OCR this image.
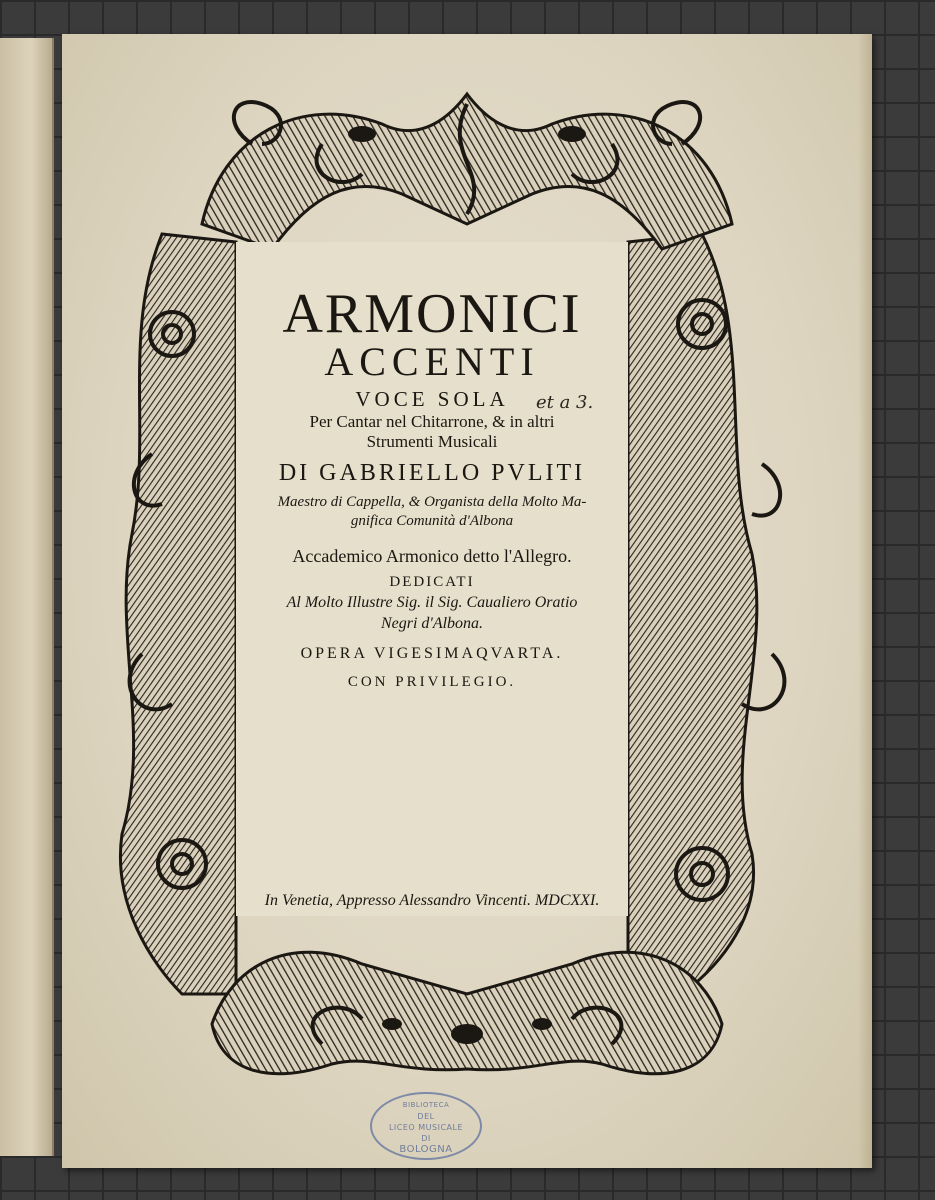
ARMONICI
ACCENTI
VOCE SOLA	et a 3.
Per Cantar nel Chitarrone, & in altri
Strumenti Musicali
DI GABRIELLO PVLITI
Maestro di Cappella, & Organista della Molto Ma-
gnifica Comunità d'Albona
Accademico Armonico detto l'Allegro.
DEDICATI
Al Molto Illustre Sig. il Sig. Caualiero Oratio
Negri d'Albona.
OPERA VIGESIMAQVARTA.
CON PRIVILEGIO.
In Venetia, Appresso Alessandro Vincenti. MDCXXI.
BIBLIOTECA
DEL
LICEO MUSICALE
DI
BOLOGNA
